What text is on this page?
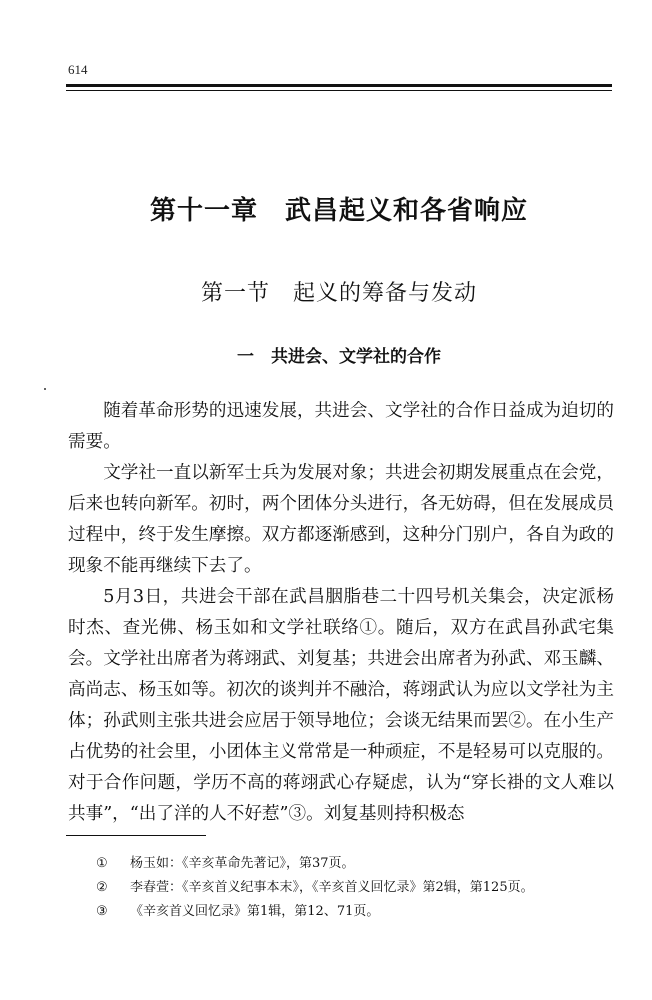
614
第十一章　武昌起义和各省响应
第一节　起义的筹备与发动
一　共进会、文学社的合作

随着革命形势的迅速发展，共进会、文学社的合作日益成为迫切的需要。

文学社一直以新军士兵为发展对象；共进会初期发展重点在会党，后来也转向新军。初时，两个团体分头进行，各无妨碍，但在发展成员过程中，终于发生摩擦。双方都逐渐感到，这种分门别户，各自为政的现象不能再继续下去了。

5月3日，共进会干部在武昌胭脂巷二十四号机关集会，决定派杨时杰、查光佛、杨玉如和文学社联络①。随后，双方在武昌孙武宅集会。文学社出席者为蒋翊武、刘复基；共进会出席者为孙武、邓玉麟、高尚志、杨玉如等。初次的谈判并不融洽，蒋翊武认为应以文学社为主体；孙武则主张共进会应居于领导地位；会谈无结果而罢②。在小生产占优势的社会里，小团体主义常常是一种顽症，不是轻易可以克服的。对于合作问题，学历不高的蒋翊武心存疑虑，认为“穿长褂的文人难以共事”，“出了洋的人不好惹”③。刘复基则持积极态

①	杨玉如：《辛亥革命先著记》，第37页。
②	李春萱：《辛亥首义纪事本末》，《辛亥首义回忆录》第2辑，第125页。
③	《辛亥首义回忆录》第1辑，第12、71页。
